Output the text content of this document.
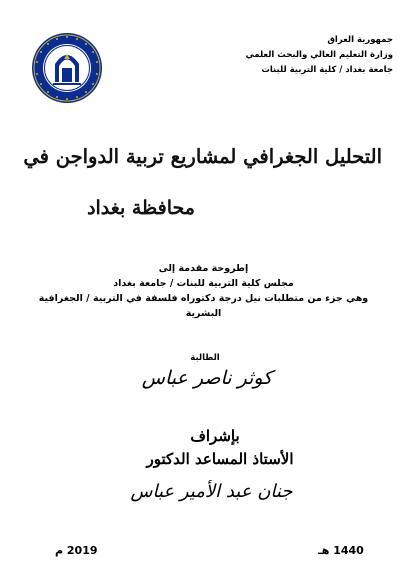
جمهورية العراق
وزارة التعليم العالي والبحث العلمي
جامعة بغداد / كلية التربية للبنات
التحليل الجغرافي لمشاريع تربية الدواجن في
محافظة بغداد
إطروحة مقدمة إلى
مجلس كلية التربية للبنات / جامعة بغداد
وهي جزء من متطلبات نيل درجة دكتوراه فلسفة في التربية / الجغرافية
البشرية
الطالبة
كوثر ناصر عباس
بإشراف
الأستاذ المساعد الدكتور
جنان عبد الأمير عباس
1440 هـ
2019 م
